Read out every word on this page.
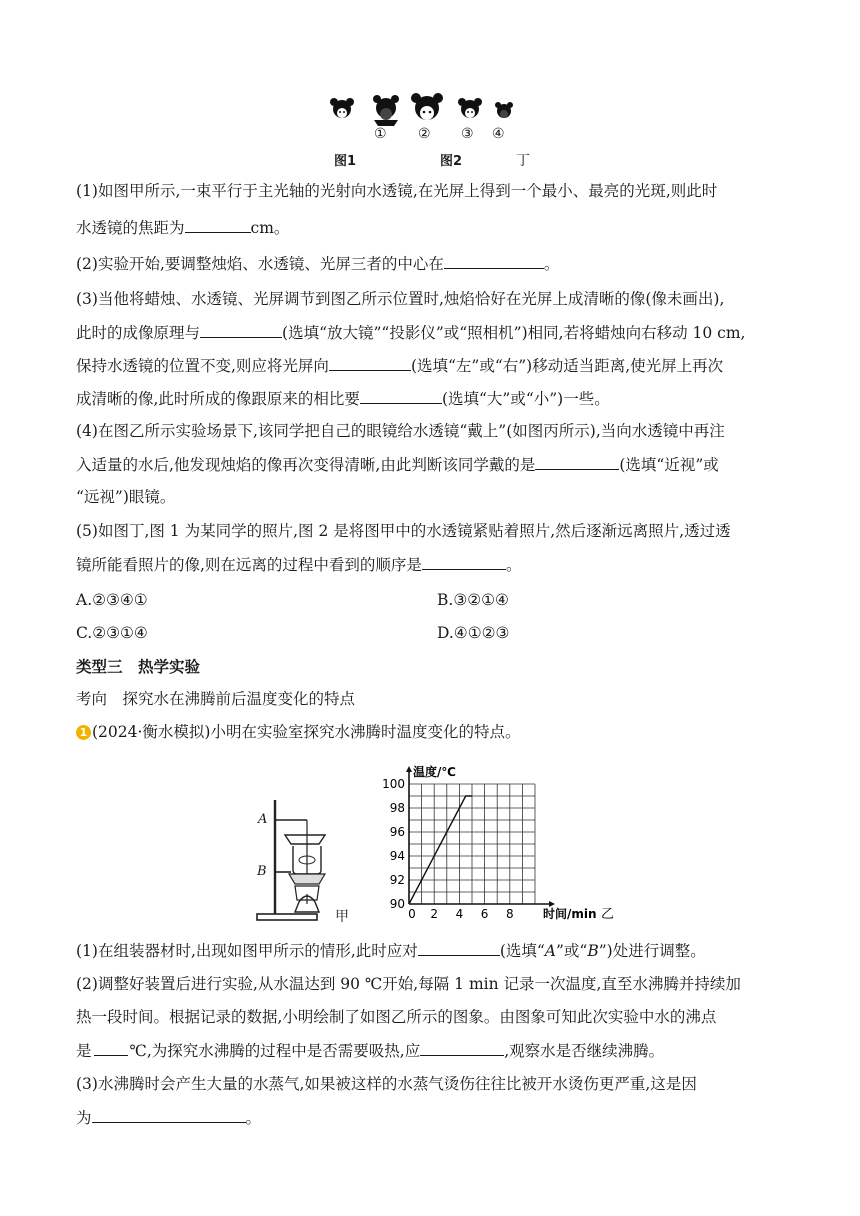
① ② ③ ④
图1	图2	丁
(1)如图甲所示,一束平行于主光轴的光射向水透镜,在光屏上得到一个最小、最亮的光斑,则此时
水透镜的焦距为	cm。
(2)实验开始,要调整烛焰、水透镜、光屏三者的中心在	。
(3)当他将蜡烛、水透镜、光屏调节到图乙所示位置时,烛焰恰好在光屏上成清晰的像(像未画出),
此时的成像原理与	(选填“放大镜”“投影仪”或“照相机”)相同,若将蜡烛向右移动 10 cm,
保持水透镜的位置不变,则应将光屏向	(选填“左”或“右”)移动适当距离,使光屏上再次
成清晰的像,此时所成的像跟原来的相比要	(选填“大”或“小”)一些。
(4)在图乙所示实验场景下,该同学把自己的眼镜给水透镜“戴上”(如图丙所示),当向水透镜中再注
入适量的水后,他发现烛焰的像再次变得清晰,由此判断该同学戴的是	(选填“近视”或
“远视”)眼镜。
(5)如图丁,图 1 为某同学的照片,图 2 是将图甲中的水透镜紧贴着照片,然后逐渐远离照片,透过透
镜所能看照片的像,则在远离的过程中看到的顺序是	。
A.②③④①	B.③②①④
C.②③①④	D.④①②③
类型三　热学实验
考向　探究水在沸腾前后温度变化的特点
1 (2024·衡水模拟)小明在实验室探究水沸腾时温度变化的特点。
A
B
甲
90
92
94
96
98
100
0 2 4 6 8
温度/℃
时间/min 乙
(1)在组装器材时,出现如图甲所示的情形,此时应对	(选填“A”或“B”)处进行调整。
(2)调整好装置后进行实验,从水温达到 90 ℃开始,每隔 1 min 记录一次温度,直至水沸腾并持续加
热一段时间。根据记录的数据,小明绘制了如图乙所示的图象。由图象可知此次实验中水的沸点
是 ℃,为探究水沸腾的过程中是否需要吸热,应	,观察水是否继续沸腾。
(3)水沸腾时会产生大量的水蒸气,如果被这样的水蒸气烫伤往往比被开水烫伤更严重,这是因
为	。
